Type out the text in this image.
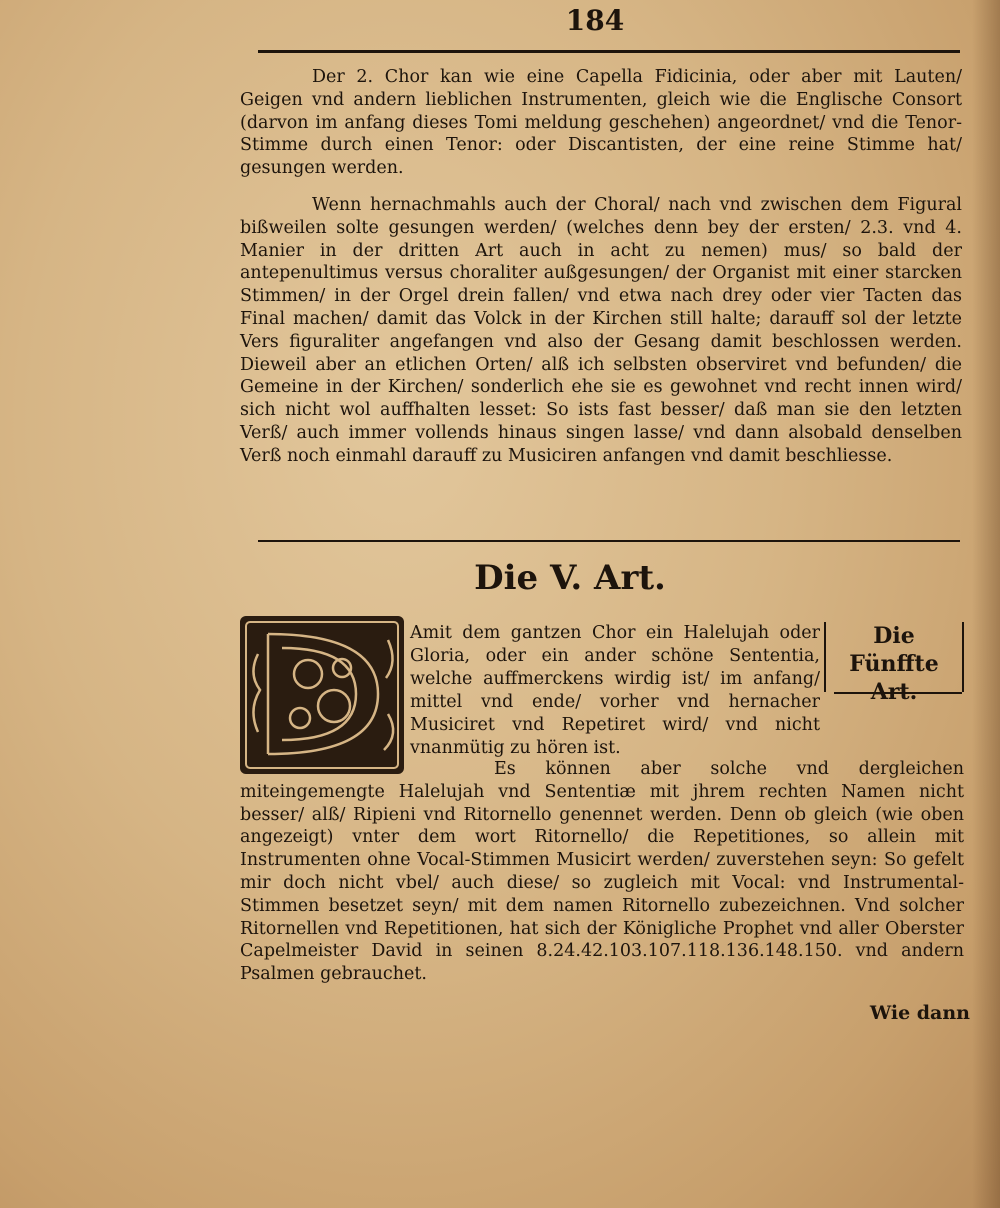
184

Der 2. Chor kan wie eine Capella Fidicinia, oder aber mit Lauten/ Geigen vnd andern lieblichen Instrumenten, gleich wie die Englische Consort (darvon im anfang dieses Tomi meldung geschehen) angeordnet/ vnd die Tenor-Stimme durch einen Tenor: oder Discantisten, der eine reine Stimme hat/ gesungen werden.

Wenn hernachmahls auch der Choral/ nach vnd zwischen dem Figural bißweilen solte gesungen werden/ (welches denn bey der ersten/ 2.3. vnd 4. Manier in der dritten Art auch in acht zu nemen) mus/ so bald der antepenultimus versus choraliter außgesungen/ der Organist mit einer starcken Stimmen/ in der Orgel drein fallen/ vnd etwa nach drey oder vier Tacten das Final machen/ damit das Volck in der Kirchen still halte; darauff sol der letzte Vers figuraliter angefangen vnd also der Gesang damit beschlossen werden. Dieweil aber an etlichen Orten/ alß ich selbsten observiret vnd befunden/ die Gemeine in der Kirchen/ sonderlich ehe sie es gewohnet vnd recht innen wird/ sich nicht wol auffhalten lesset: So ists fast besser/ daß man sie den letzten Verß/ auch immer vollends hinaus singen lasse/ vnd dann alsobald denselben Verß noch einmahl darauff zu Musiciren anfangen vnd damit beschliesse.

Die V. Art.

Amit dem gantzen Chor ein Halelujah oder Gloria, oder ein ander schöne Sententia, welche auffmerckens wirdig ist/ im anfang/ mittel vnd ende/ vorher vnd hernacher Musiciret vnd Repetiret wird/ vnd nicht vnanmütig zu hören ist.

Die Fünffte
Art.

Es können aber solche vnd dergleichen miteingemengte Halelujah vnd Sententiæ mit jhrem rechten Namen nicht besser/ alß/ Ripieni vnd Ritornello genennet werden. Denn ob gleich (wie oben angezeigt) vnter dem wort Ritornello/ die Repetitiones, so allein mit Instrumenten ohne Vocal-Stimmen Musicirt werden/ zuverstehen seyn: So gefelt mir doch nicht vbel/ auch diese/ so zugleich mit Vocal: vnd Instrumental-Stimmen besetzet seyn/ mit dem namen Ritornello zubezeichnen. Vnd solcher Ritornellen vnd Repetitionen, hat sich der Königliche Prophet vnd aller Oberster Capelmeister David in seinen 8.24.42.103.107.118.136.148.150. vnd andern Psalmen gebrauchet.

Wie dann
